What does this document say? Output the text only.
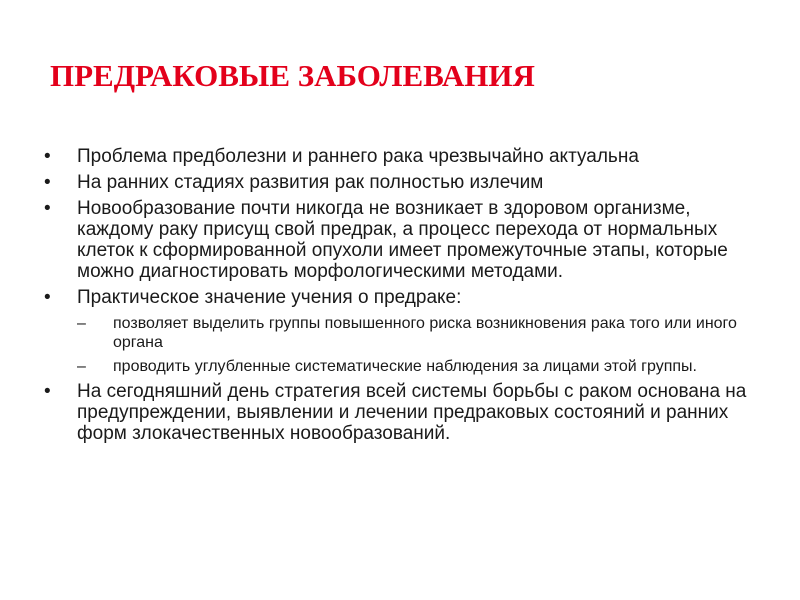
ПРЕДРАКОВЫЕ ЗАБОЛЕВАНИЯ
• Проблема предболезни и раннего рака чрезвычайно актуальна
• На ранних стадиях развития рак полностью излечим
• Новообразование почти никогда не возникает в здоровом организме, каждому раку присущ свой предрак, а процесс перехода от нормальных клеток к сформированной опухоли имеет промежуточные этапы, которые можно диагностировать морфологическими методами.
• Практическое значение учения о предраке:
– позволяет выделить группы повышенного риска возникновения рака того или иного органа
– проводить углубленные систематические наблюдения за лицами этой группы.
• На сегодняшний день стратегия всей системы борьбы с раком основана на предупреждении, выявлении и лечении предраковых состояний и ранних форм злокачественных новообразований.
